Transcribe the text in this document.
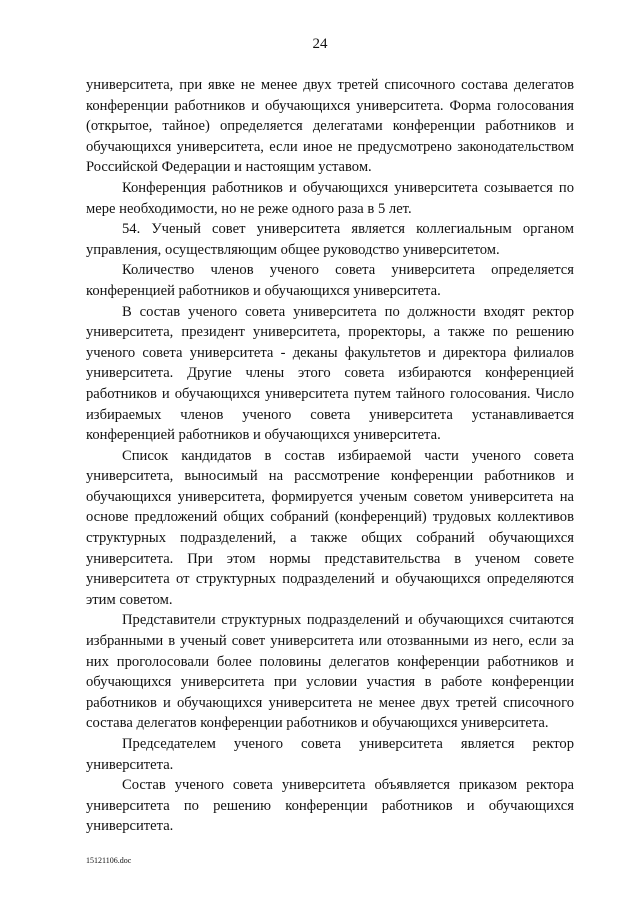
24

университета, при явке не менее двух третей списочного состава делегатов конференции работников и обучающихся университета. Форма голосования (открытое, тайное) определяется делегатами конференции работников и обучающихся университета, если иное не предусмотрено законодательством Российской Федерации и настоящим уставом.

Конференция работников и обучающихся университета созывается по мере необходимости, но не реже одного раза в 5 лет.

54. Ученый совет университета является коллегиальным органом управления, осуществляющим общее руководство университетом.

Количество членов ученого совета университета определяется конференцией работников и обучающихся университета.

В состав ученого совета университета по должности входят ректор университета, президент университета, проректоры, а также по решению ученого совета университета - деканы факультетов и директора филиалов университета. Другие члены этого совета избираются конференцией работников и обучающихся университета путем тайного голосования. Число избираемых членов ученого совета университета устанавливается конференцией работников и обучающихся университета.

Список кандидатов в состав избираемой части ученого совета университета, выносимый на рассмотрение конференции работников и обучающихся университета, формируется ученым советом университета на основе предложений общих собраний (конференций) трудовых коллективов структурных подразделений, а также общих собраний обучающихся университета. При этом нормы представительства в ученом совете университета от структурных подразделений и обучающихся определяются этим советом.

Представители структурных подразделений и обучающихся считаются избранными в ученый совет университета или отозванными из него, если за них проголосовали более половины делегатов конференции работников и обучающихся университета при условии участия в работе конференции работников и обучающихся университета не менее двух третей списочного состава делегатов конференции работников и обучающихся университета.

Председателем ученого совета университета является ректор университета.

Состав ученого совета университета объявляется приказом ректора университета по решению конференции работников и обучающихся университета.

15121106.doc
